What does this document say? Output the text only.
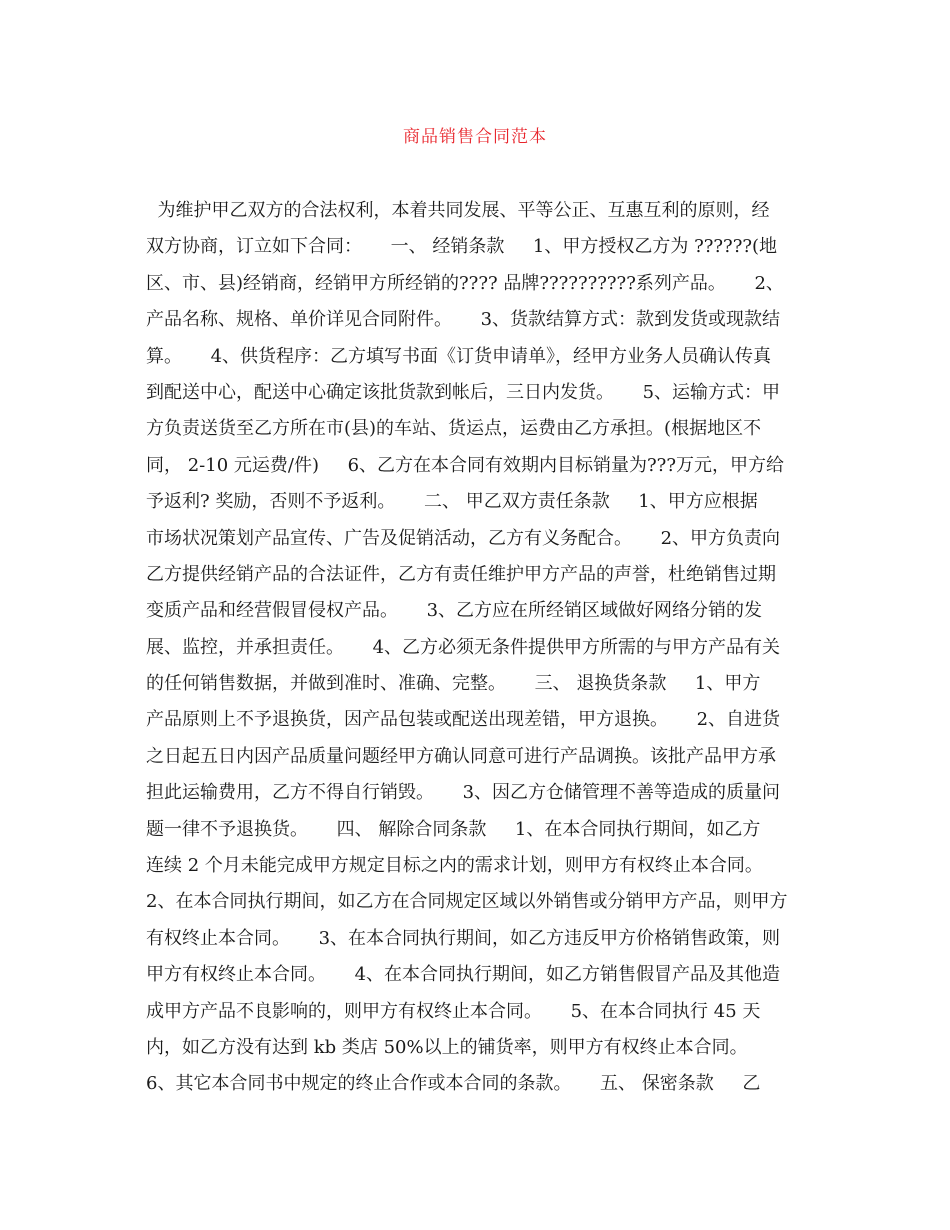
商品销售合同范本
为维护甲乙双方的合法权利，本着共同发展、平等公正、互惠互利的原则，经
双方协商，订立如下合同：     一、 经销条款     1、甲方授权乙方为 ??????(地
区、市、县)经销商，经销甲方所经销的???? 品牌??????????系列产品。     2、
产品名称、规格、单价详见合同附件。     3、货款结算方式：款到发货或现款结
算。     4、供货程序：乙方填写书面《订货申请单》，经甲方业务人员确认传真
到配送中心，配送中心确定该批货款到帐后，三日内发货。     5、运输方式：甲
方负责送货至乙方所在市(县)的车站、货运点，运费由乙方承担。(根据地区不
同， 2-10 元运费/件)     6、乙方在本合同有效期内目标销量为???万元，甲方给
予返利? 奖励，否则不予返利。     二、 甲乙双方责任条款     1、甲方应根据
市场状况策划产品宣传、广告及促销活动，乙方有义务配合。     2、甲方负责向
乙方提供经销产品的合法证件，乙方有责任维护甲方产品的声誉，杜绝销售过期
变质产品和经营假冒侵权产品。     3、乙方应在所经销区域做好网络分销的发
展、监控，并承担责任。     4、乙方必须无条件提供甲方所需的与甲方产品有关
的任何销售数据，并做到准时、准确、完整。     三、 退换货条款     1、甲方
产品原则上不予退换货，因产品包装或配送出现差错，甲方退换。     2、自进货
之日起五日内因产品质量问题经甲方确认同意可进行产品调换。该批产品甲方承
担此运输费用，乙方不得自行销毁。     3、因乙方仓储管理不善等造成的质量问
题一律不予退换货。     四、 解除合同条款     1、在本合同执行期间，如乙方
连续 2 个月未能完成甲方规定目标之内的需求计划，则甲方有权终止本合同。
2、在本合同执行期间，如乙方在合同规定区域以外销售或分销甲方产品，则甲方
有权终止本合同。     3、在本合同执行期间，如乙方违反甲方价格销售政策，则
甲方有权终止本合同。     4、在本合同执行期间，如乙方销售假冒产品及其他造
成甲方产品不良影响的，则甲方有权终止本合同。     5、在本合同执行 45 天
内，如乙方没有达到 kb 类店 50%以上的铺货率，则甲方有权终止本合同。
6、其它本合同书中规定的终止合作或本合同的条款。     五、 保密条款     乙
